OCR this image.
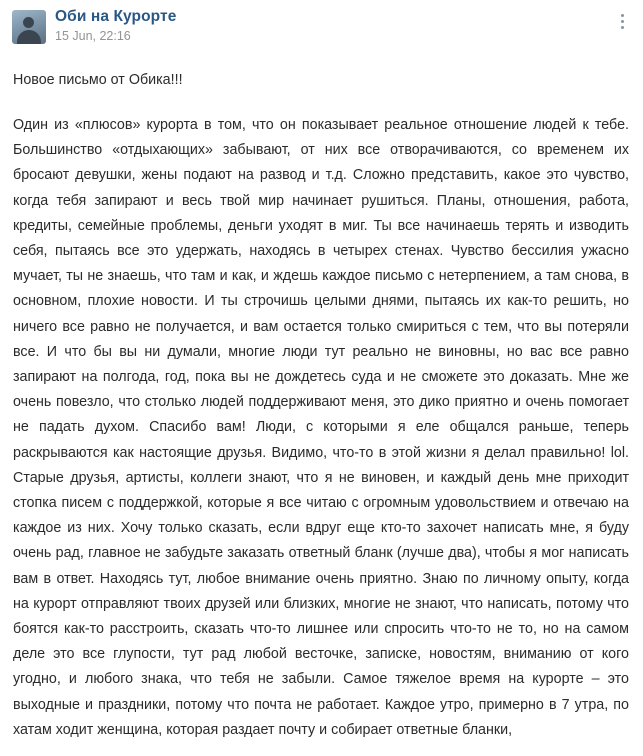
Оби на Курорте
15 Jun, 22:16

Новое письмо от Обика!!!

Один из «плюсов» курорта в том, что он показывает реальное отношение людей к тебе. Большинство «отдыхающих» забывают, от них все отворачиваются, со временем их бросают девушки, жены подают на развод и т.д. Сложно представить, какое это чувство, когда тебя запирают и весь твой мир начинает рушиться. Планы, отношения, работа, кредиты, семейные проблемы, деньги уходят в миг. Ты все начинаешь терять и изводить себя, пытаясь все это удержать, находясь в четырех стенах. Чувство бессилия ужасно мучает, ты не знаешь, что там и как, и ждешь каждое письмо с нетерпением, а там снова, в основном, плохие новости. И ты строчишь целыми днями, пытаясь их как-то решить, но ничего все равно не получается, и вам остается только смириться с тем, что вы потеряли все. И что бы вы ни думали, многие люди тут реально не виновны, но вас все равно запирают на полгода, год, пока вы не дождетесь суда и не сможете это доказать. Мне же очень повезло, что столько людей поддерживают меня, это дико приятно и очень помогает не падать духом. Спасибо вам! Люди, с которыми я еле общался раньше, теперь раскрываются как настоящие друзья. Видимо, что-то в этой жизни я делал правильно! lol. Старые друзья, артисты, коллеги знают, что я не виновен, и каждый день мне приходит стопка писем с поддержкой, которые я все читаю с огромным удовольствием и отвечаю на каждое из них. Хочу только сказать, если вдруг еще кто-то захочет написать мне, я буду очень рад, главное не забудьте заказать ответный бланк (лучше два), чтобы я мог написать вам в ответ. Находясь тут, любое внимание очень приятно. Знаю по личному опыту, когда на курорт отправляют твоих друзей или близких, многие не знают, что написать, потому что боятся как-то расстроить, сказать что-то лишнее или спросить что-то не то, но на самом деле это все глупости, тут рад любой весточке, записке, новостям, вниманию от кого угодно, и любого знака, что тебя не забыли. Самое тяжелое время на курорте – это выходные и праздники, потому что почта не работает. Каждое утро, примерно в 7 утра, по хатам ходит женщина, которая раздает почту и собирает ответные бланки,
